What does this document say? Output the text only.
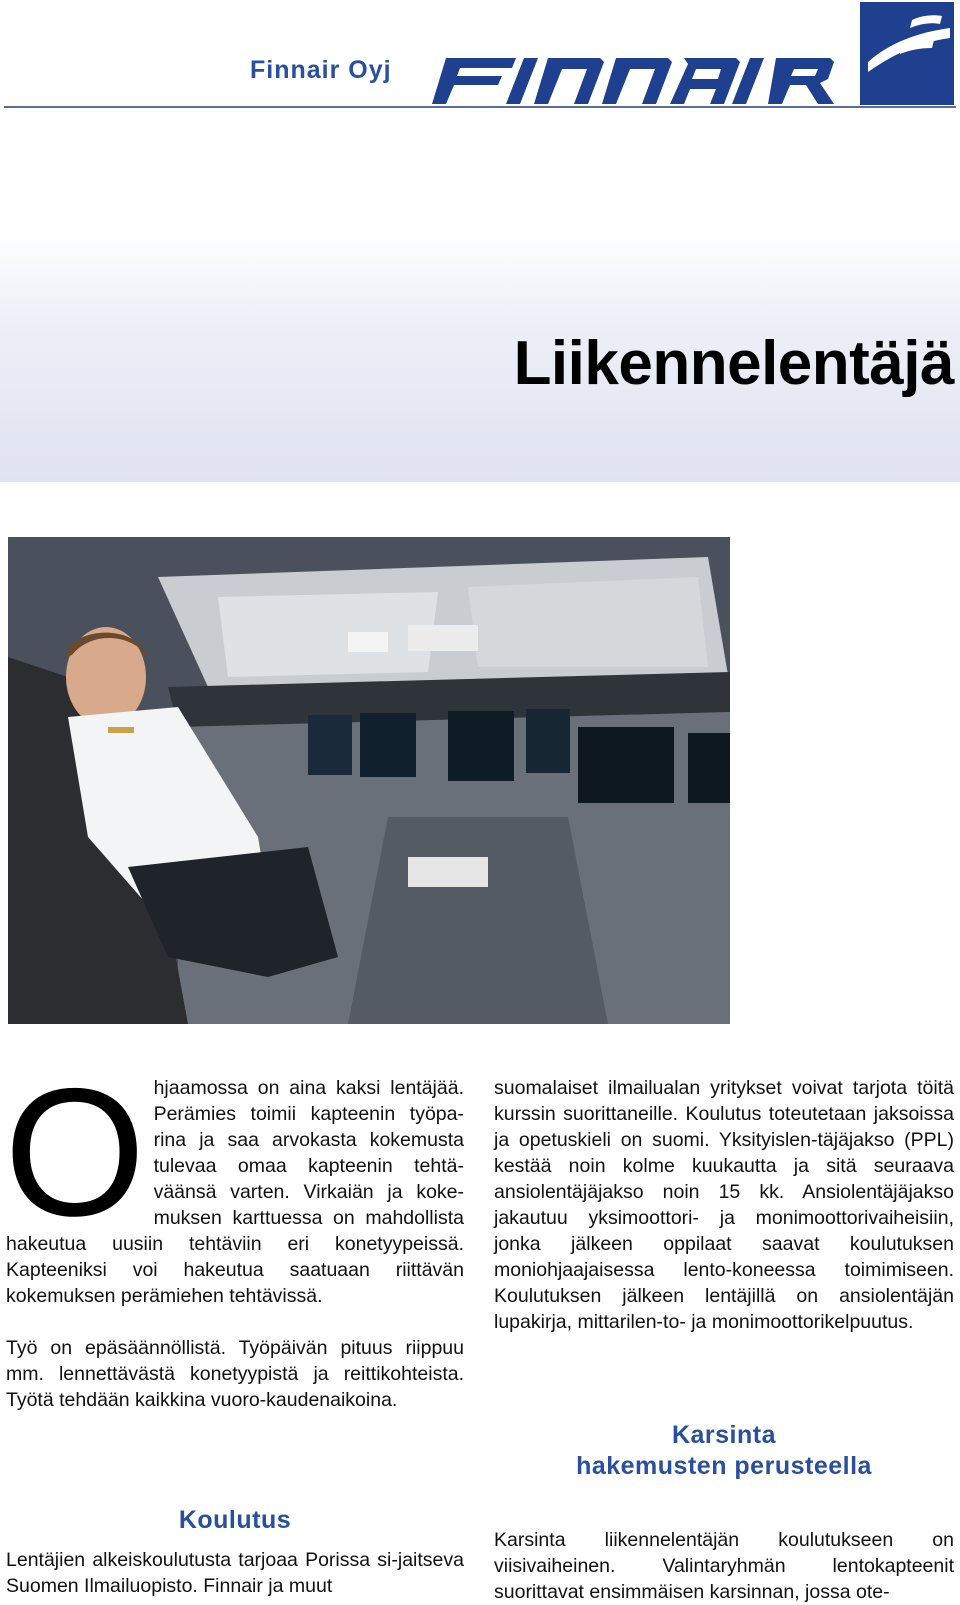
Finnair Oyj
Liikennelentäjä
O hjaamossa on aina kaksi lentäjää. Perämies toimii kapteenin työpa-rina ja saa arvokasta kokemusta tulevaa omaa kapteenin tehtä-väänsä varten. Virkaiän ja koke-muksen karttuessa on mahdollista hakeutua uusiin tehtäviin eri konetyypeissä. Kapteeniksi voi hakeutua saatuaan riittävän kokemuksen perämiehen tehtävissä.

Työ on epäsäännöllistä. Työpäivän pituus riippuu mm. lennettävästä konetyypistä ja reittikohteista. Työtä tehdään kaikkina vuoro-kaudenaikoina.

Koulutus
Lentäjien alkeiskoulutusta tarjoaa Porissa si-jaitseva Suomen Ilmailuopisto. Finnair ja muut
suomalaiset ilmailualan yritykset voivat tarjota töitä kurssin suorittaneille. Koulutus toteutetaan jaksoissa ja opetuskieli on suomi. Yksityislen-täjäjakso (PPL) kestää noin kolme kuukautta ja sitä seuraava ansiolentäjäjakso noin 15 kk. Ansiolentäjäjakso jakautuu yksimoottori- ja monimoottorivaiheisiin, jonka jälkeen oppilaat saavat koulutuksen moniohjaajaisessa lento-koneessa toimimiseen. Koulutuksen jälkeen lentäjillä on ansiolentäjän lupakirja, mittarilen-to- ja monimoottorikelpuutus.
Karsinta
hakemusten perusteella
Karsinta liikennelentäjän koulutukseen on viisivaiheinen. Valintaryhmän lentokapteenit suorittavat ensimmäisen karsinnan, jossa ote-
